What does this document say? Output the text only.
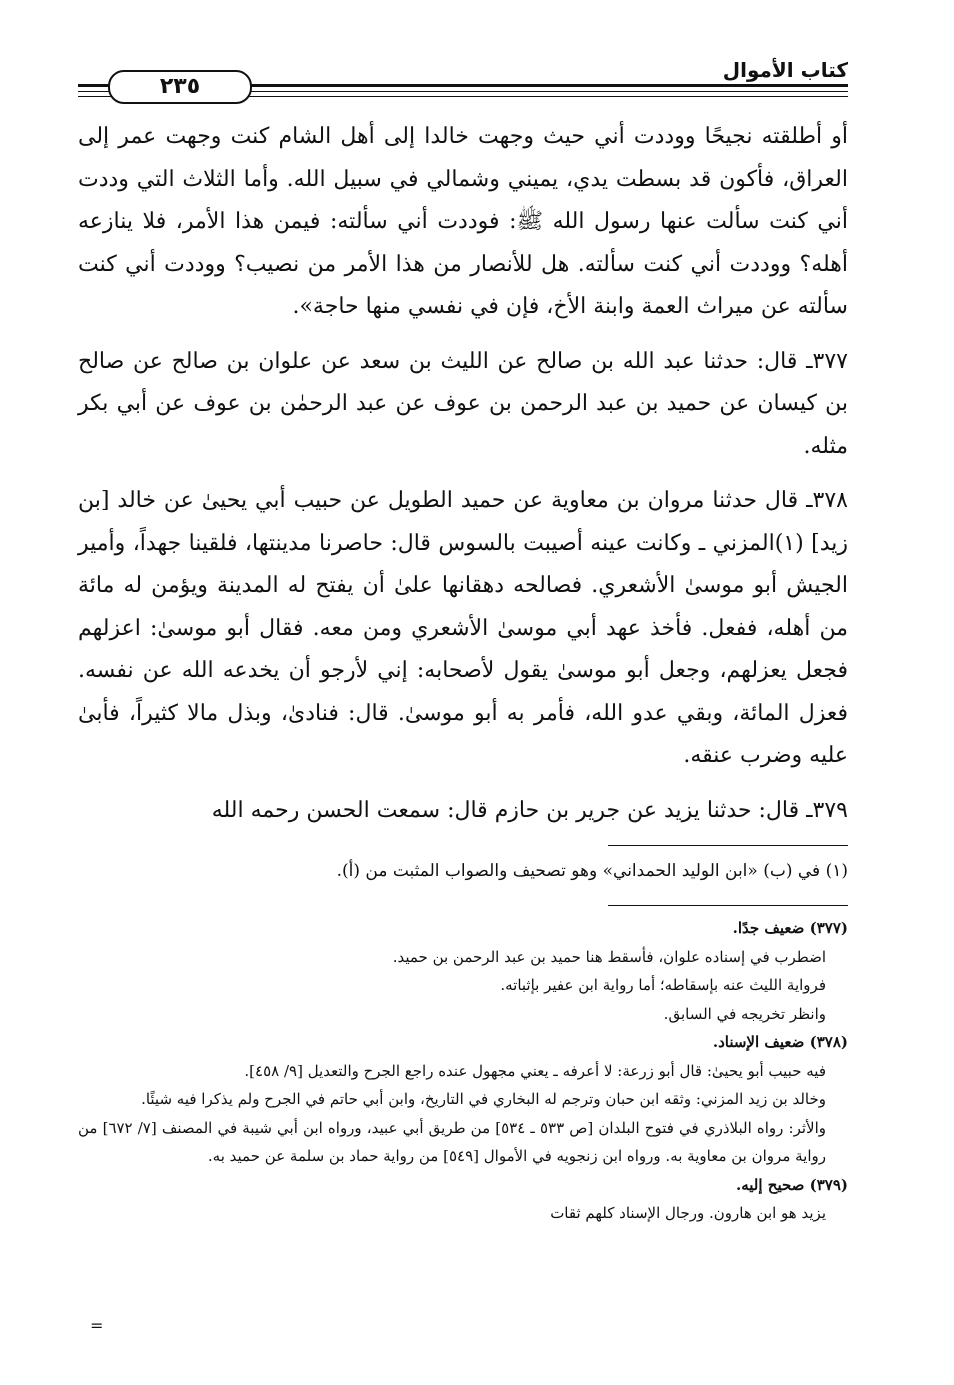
كتاب الأموال
٢٣٥

أو أطلقته نجيحًا ووددت أني حيث وجهت خالدا إلى أهل الشام كنت وجهت عمر إلى العراق، فأكون قد بسطت يدي، يميني وشمالي في سبيل الله. وأما الثلاث التي وددت أني كنت سألت عنها رسول الله ﷺ: فوددت أني سألته: فيمن هذا الأمر، فلا ينازعه أهله؟ ووددت أني كنت سألته. هل للأنصار من هذا الأمر من نصيب؟ ووددت أني كنت سألته عن ميراث العمة وابنة الأخ، فإن في نفسي منها حاجة».

٣٧٧ـ قال: حدثنا عبد الله بن صالح عن الليث بن سعد عن علوان بن صالح عن صالح بن كيسان عن حميد بن عبد الرحمن بن عوف عن عبد الرحمٰن بن عوف عن أبي بكر مثله.

٣٧٨ـ قال حدثنا مروان بن معاوية عن حميد الطويل عن حبيب أبي يحيىٰ عن خالد [بن زيد] (١)المزني ـ وكانت عينه أصيبت بالسوس قال: حاصرنا مدينتها، فلقينا جهداً، وأمير الجيش أبو موسىٰ الأشعري. فصالحه دهقانها علىٰ أن يفتح له المدينة ويؤمن له مائة من أهله، ففعل. فأخذ عهد أبي موسىٰ الأشعري ومن معه. فقال أبو موسىٰ: اعزلهم فجعل يعزلهم، وجعل أبو موسىٰ يقول لأصحابه: إني لأرجو أن يخدعه الله عن نفسه. فعزل المائة، وبقي عدو الله، فأمر به أبو موسىٰ. قال: فنادىٰ، وبذل مالا كثيراً، فأبىٰ عليه وضرب عنقه.

٣٧٩ـ قال: حدثنا يزيد عن جرير بن حازم قال: سمعت الحسن رحمه الله

(١) في (ب) «ابن الوليد الحمداني» وهو تصحيف والصواب المثبت من (أ).

(٣٧٧) ضعيف جدًا.

اضطرب في إسناده علوان، فأسقط هنا حميد بن عبد الرحمن بن حميد.

فرواية الليث عنه بإسقاطه؛ أما رواية ابن عفير بإثباته.

وانظر تخريجه في السابق.

(٣٧٨) ضعيف الإسناد.

فيه حبيب أبو يحيىٰ: قال أبو زرعة: لا أعرفه ـ يعني مجهول عنده راجع الجرح والتعديل [٩/ ٤٥٨].

وخالد بن زيد المزني: وثقه ابن حبان وترجم له البخاري في التاريخ، وابن أبي حاتم في الجرح ولم يذكرا فيه شيئًا.

والأثر: رواه البلاذري في فتوح البلدان [ص ٥٣٣ ـ ٥٣٤] من طريق أبي عبيد، ورواه ابن أبي شيبة في المصنف [٧/ ٦٧٢] من رواية مروان بن معاوية به. ورواه ابن زنجويه في الأموال [٥٤٩] من رواية حماد بن سلمة عن حميد به.

(٣٧٩) صحيح إليه.

يزيد هو ابن هارون. ورجال الإسناد كلهم ثقات

=
